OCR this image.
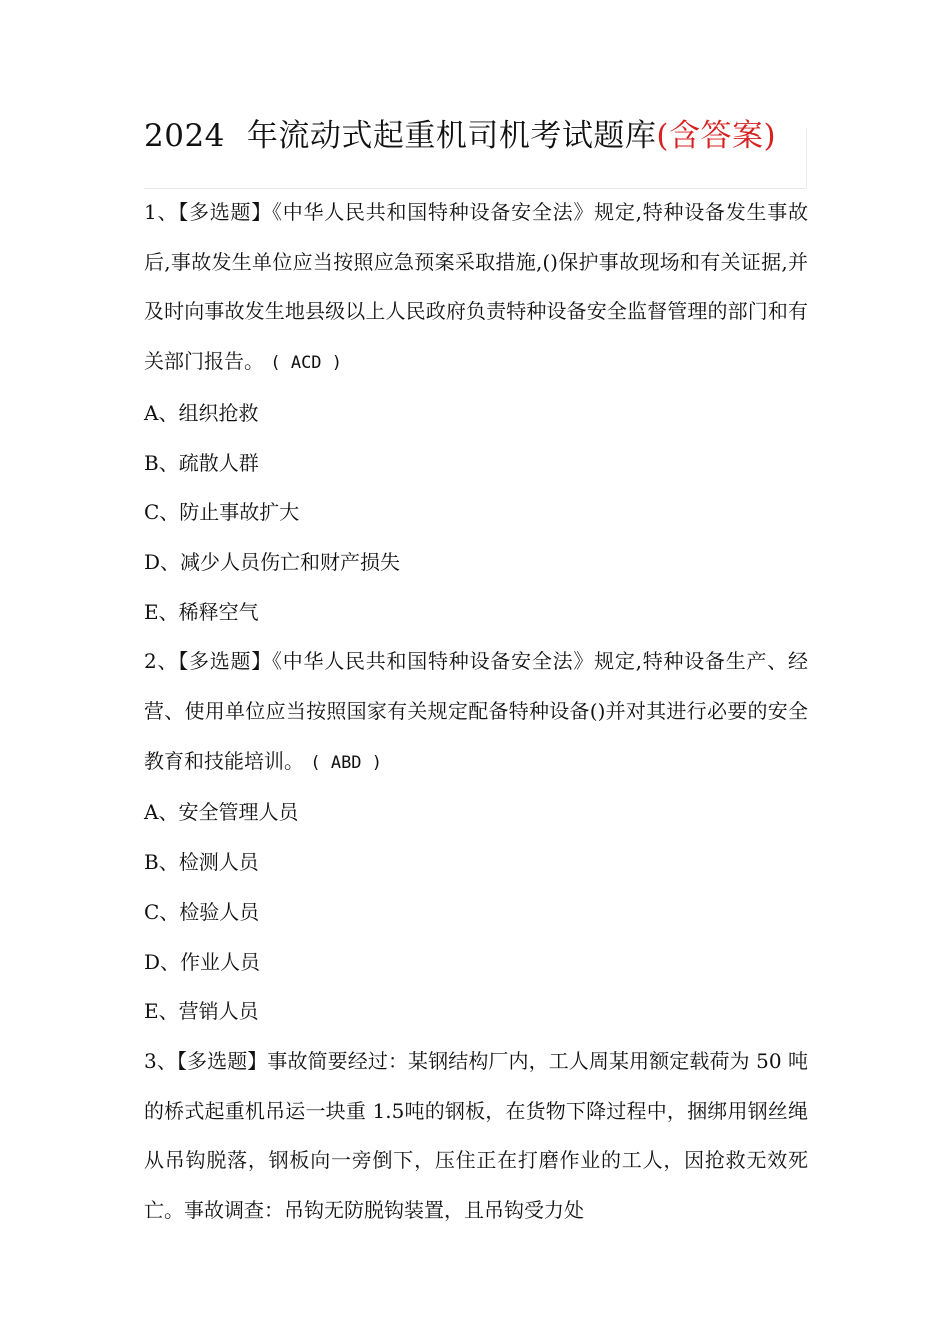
2024 年流动式起重机司机考试题库(含答案)

1、【多选题】《中华人民共和国特种设备安全法》规定,特种设备发生事故后,事故发生单位应当按照应急预案采取措施,()保护事故现场和有关证据,并及时向事故发生地县级以上人民政府负责特种设备安全监督管理的部门和有关部门报告。 ( ACD )

A、组织抢救

B、疏散人群

C、防止事故扩大

D、减少人员伤亡和财产损失

E、稀释空气

2、【多选题】《中华人民共和国特种设备安全法》规定,特种设备生产、经营、使用单位应当按照国家有关规定配备特种设备()并对其进行必要的安全教育和技能培训。 ( ABD )

A、安全管理人员

B、检测人员

C、检验人员

D、作业人员

E、营销人员

3、【多选题】事故简要经过：某钢结构厂内，工人周某用额定载荷为 50 吨的桥式起重机吊运一块重 1.5吨的钢板，在货物下降过程中，捆绑用钢丝绳从吊钩脱落，钢板向一旁倒下，压住正在打磨作业的工人，因抢救无效死亡。事故调查：吊钩无防脱钩装置，且吊钩受力处
